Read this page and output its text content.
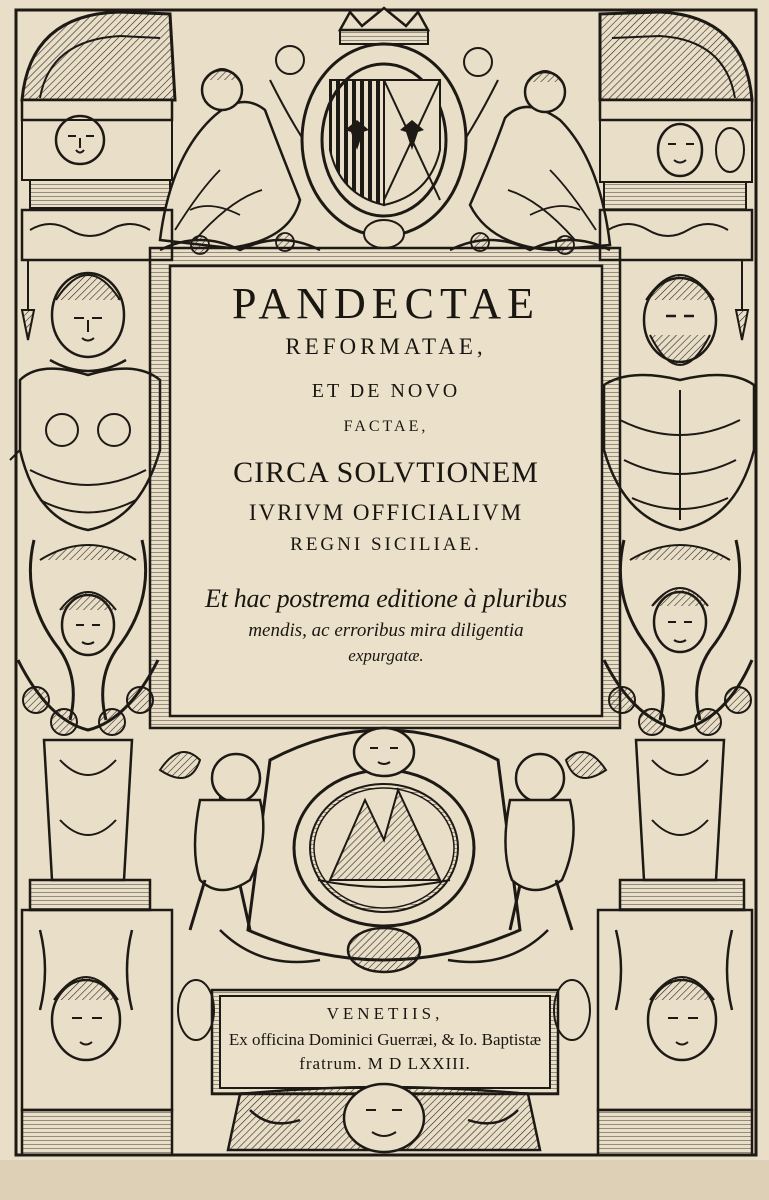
PANDECTAE
REFORMATAE,
ET DE NOVO
FACTAE,
CIRCA SOLVTIONEM
IVRIVM OFFICIALIVM
REGNI SICILIAE.
Et hac postrema editione à pluribus
mendis, ac erroribus mira diligentia
expurgatæ.
VENETIIS,
Ex officina Dominici Guerræi, & Io. Baptistæ
fratrum. M D LXXIII.
